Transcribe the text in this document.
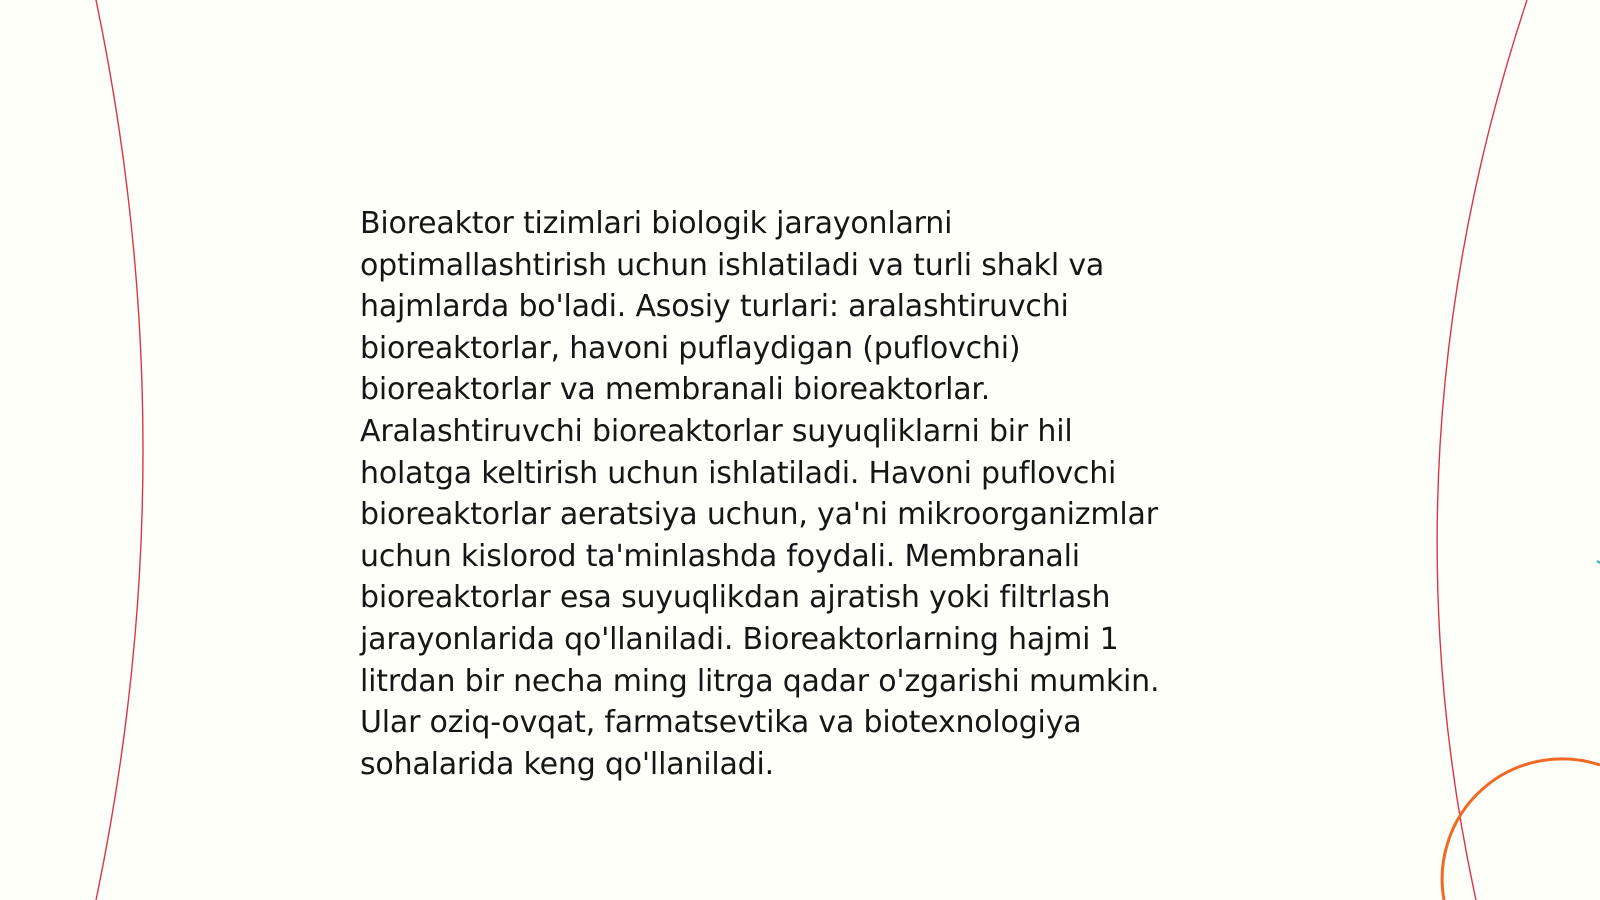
Bioreaktor tizimlari biologik jarayonlarni
optimallashtirish uchun ishlatiladi va turli shakl va
hajmlarda bo'ladi. Asosiy turlari: aralashtiruvchi
bioreaktorlar, havoni puflaydigan (puflovchi)
bioreaktorlar va membranali bioreaktorlar.
Aralashtiruvchi bioreaktorlar suyuqliklarni bir hil
holatga keltirish uchun ishlatiladi. Havoni puflovchi
bioreaktorlar aeratsiya uchun, ya'ni mikroorganizmlar
uchun kislorod ta'minlashda foydali. Membranali
bioreaktorlar esa suyuqlikdan ajratish yoki filtrlash
jarayonlarida qo'llaniladi. Bioreaktorlarning hajmi 1
litrdan bir necha ming litrga qadar o'zgarishi mumkin.
Ular oziq-ovqat, farmatsevtika va biotexnologiya
sohalarida keng qo'llaniladi.
